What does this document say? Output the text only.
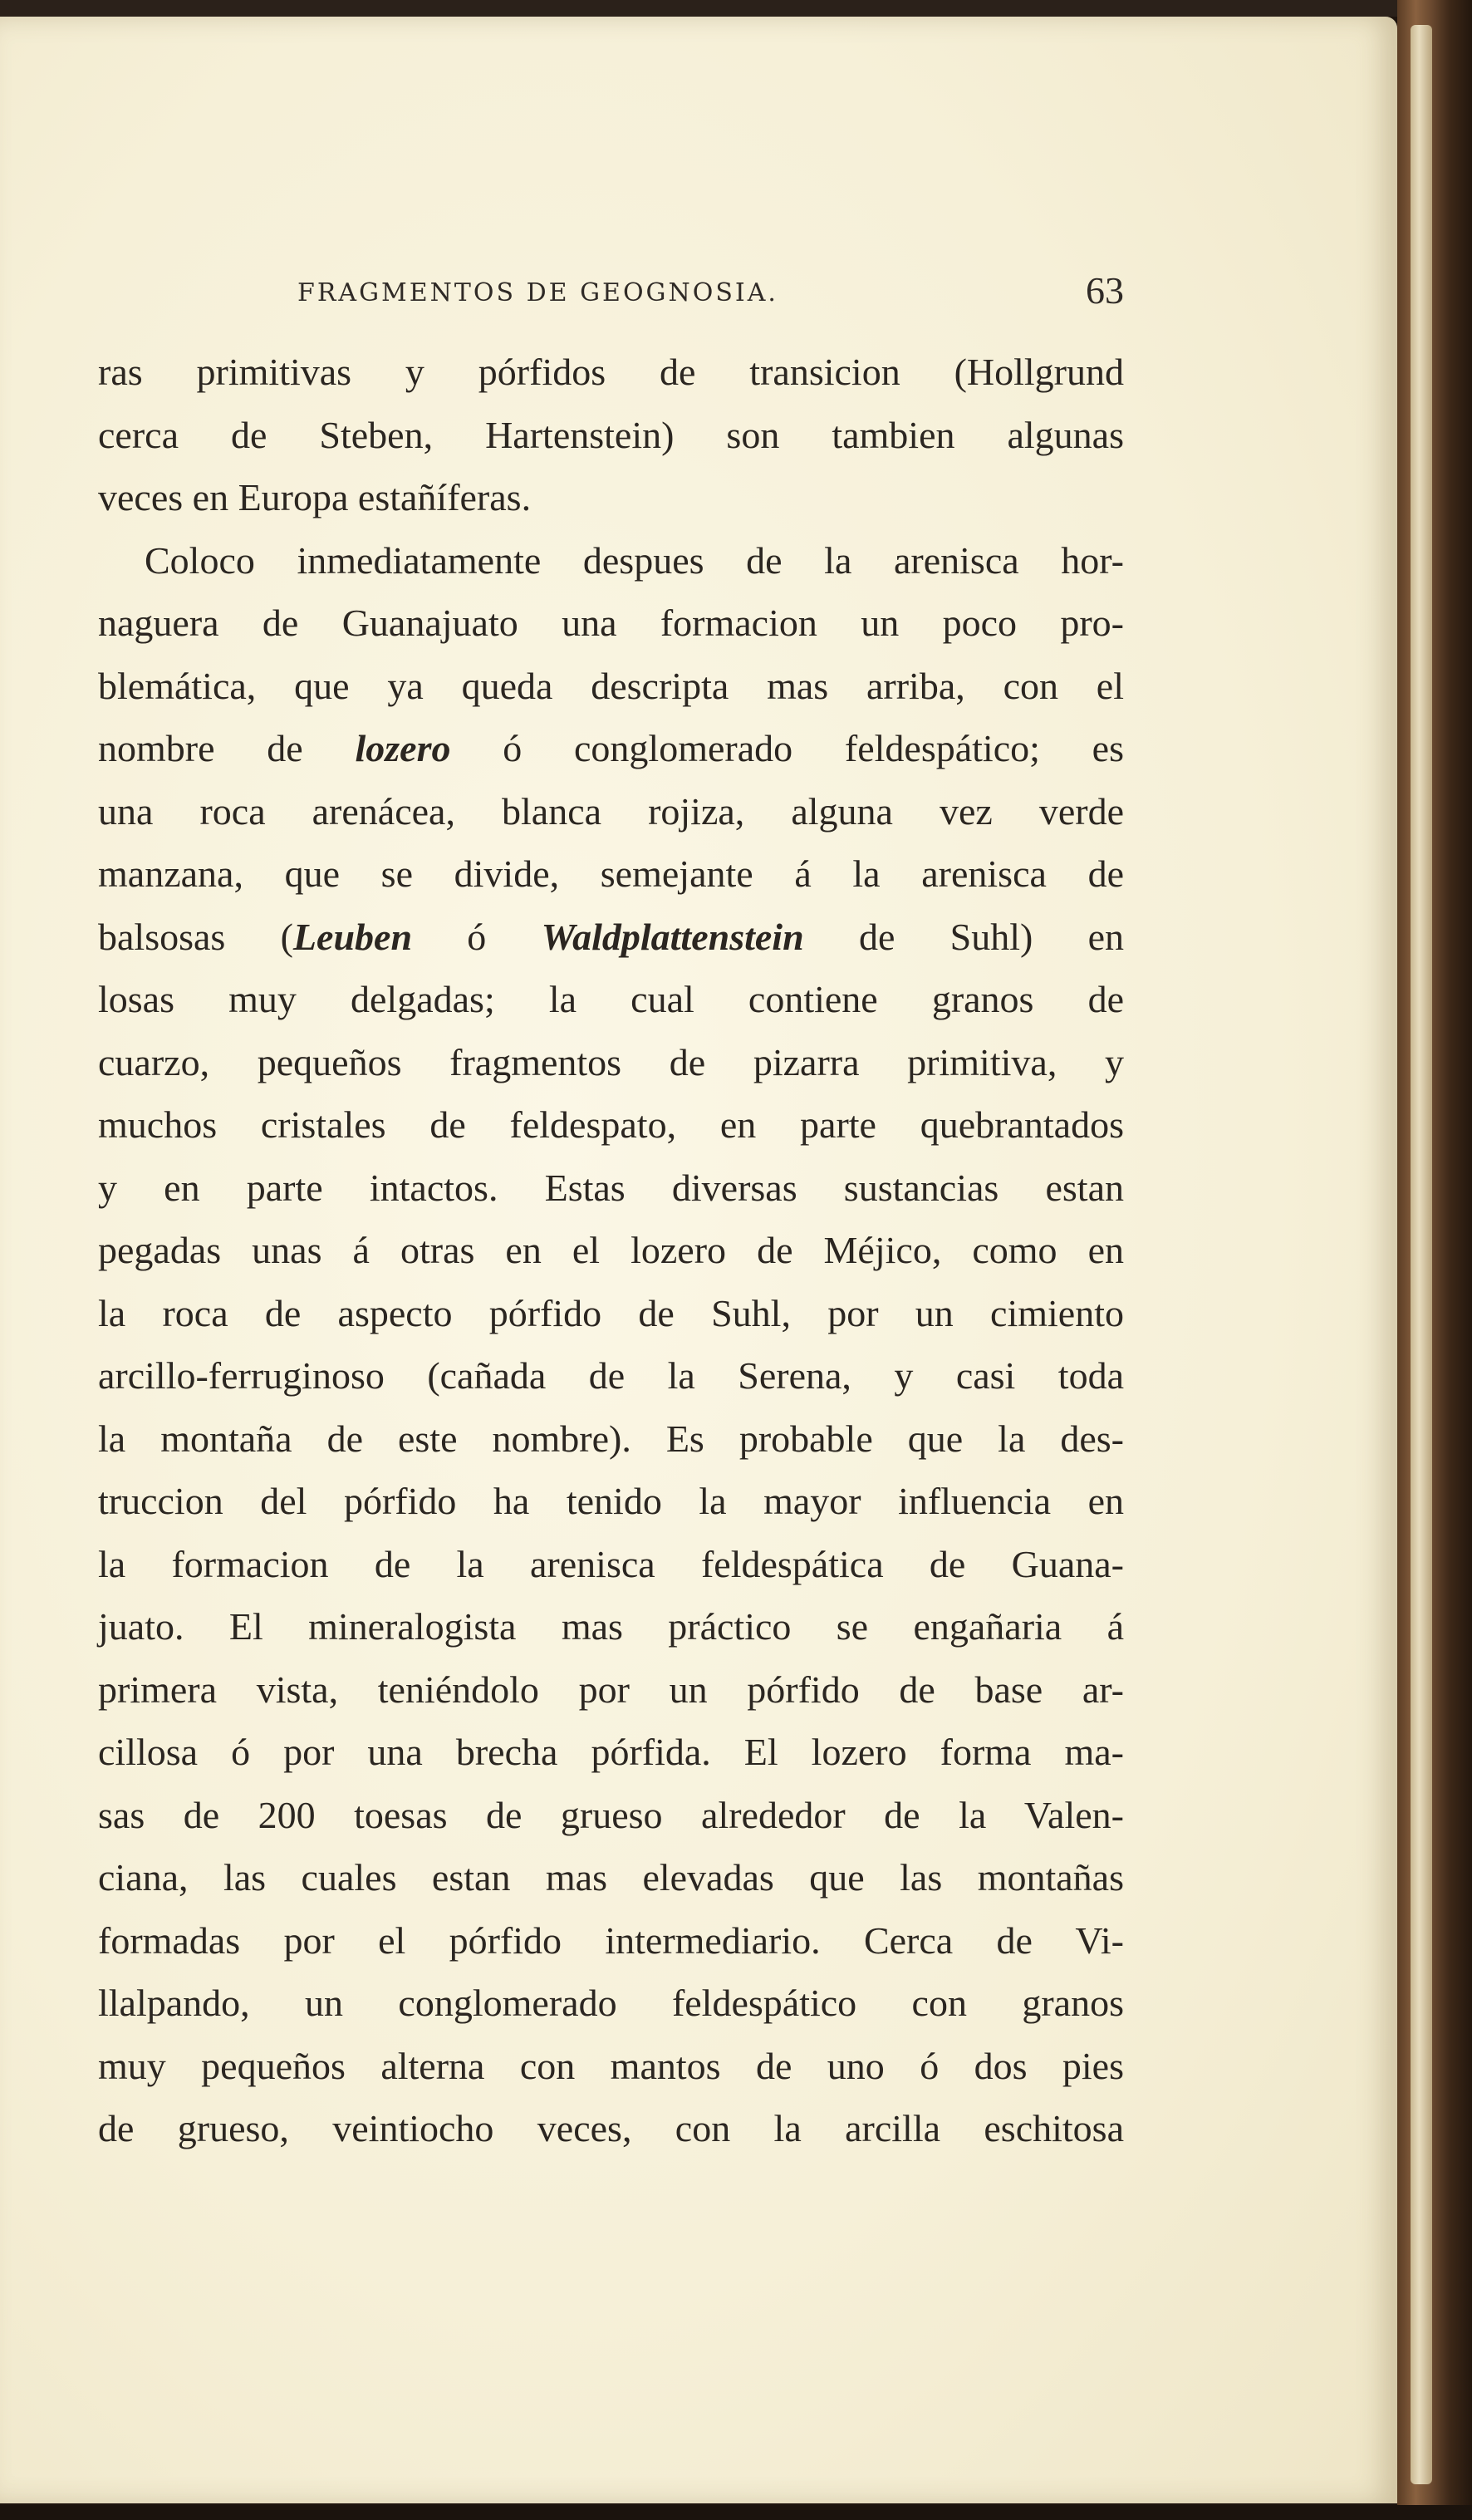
FRAGMENTOS DE GEOGNOSIA.	63
ras primitivas y pórfidos de transicion (Hollgrund
cerca de Steben, Hartenstein) son tambien algunas
veces en Europa estañíferas.
Coloco inmediatamente despues de la arenisca hor-
naguera de Guanajuato una formacion un poco pro-
blemática, que ya queda descripta mas arriba, con el
nombre de lozero ó conglomerado feldespático; es
una roca arenácea, blanca rojiza, alguna vez verde
manzana, que se divide, semejante á la arenisca de
balsosas (Leuben ó Waldplattenstein de Suhl) en
losas muy delgadas; la cual contiene granos de
cuarzo, pequeños fragmentos de pizarra primitiva, y
muchos cristales de feldespato, en parte quebrantados
y en parte intactos. Estas diversas sustancias estan
pegadas unas á otras en el lozero de Méjico, como en
la roca de aspecto pórfido de Suhl, por un cimiento
arcillo-ferruginoso (cañada de la Serena, y casi toda
la montaña de este nombre). Es probable que la des-
truccion del pórfido ha tenido la mayor influencia en
la formacion de la arenisca feldespática de Guana-
juato. El mineralogista mas práctico se engañaria á
primera vista, teniéndolo por un pórfido de base ar-
cillosa ó por una brecha pórfida. El lozero forma ma-
sas de 200 toesas de grueso alrededor de la Valen-
ciana, las cuales estan mas elevadas que las montañas
formadas por el pórfido intermediario. Cerca de Vi-
llalpando, un conglomerado feldespático con granos
muy pequeños alterna con mantos de uno ó dos pies
de grueso, veintiocho veces, con la arcilla eschitosa
